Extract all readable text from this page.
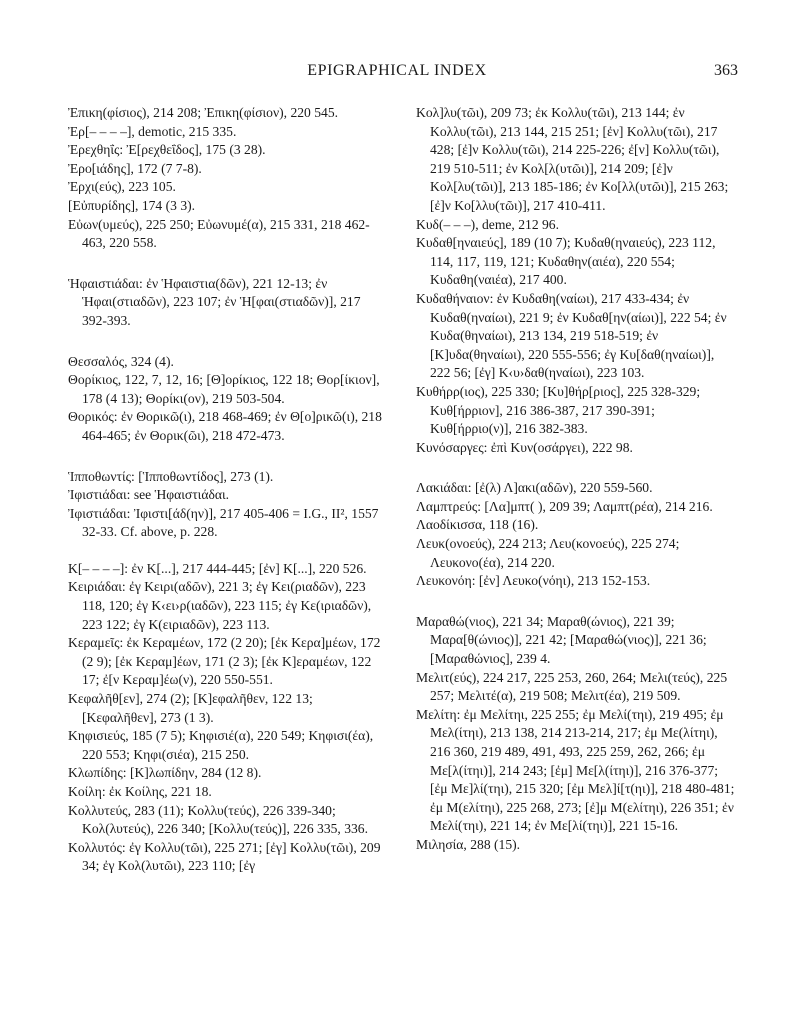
EPIGRAPHICAL INDEX	363
Ἐπικη(φίσιος), 214 208; Ἐπικη(φίσιον), 220 545.
Ἐρ[– – – –], demotic, 215 335.
Ἐρεχθηΐς: Ἐ[ρεχθεΐδος], 175 (3 28).
Ἐρο[ιάδης], 172 (7 7-8).
Ἐρχι(εύς), 223 105.
[Εὐπυρίδης], 174 (3 3).
Εὐων(υμεύς), 225 250; Εὐωνυμέ(α), 215 331, 218 462-463, 220 558.
Ἡφαιστιάδαι: ἐν Ἡφαιστια(δῶν), 221 12-13; ἐν Ἡφαι(στιαδῶν), 223 107; ἐν Ἡ[φαι(στιαδῶν)], 217 392-393.
Θεσσαλός, 324 (4).
Θορίκιος, 122, 7, 12, 16; [Θ]ορίκιος, 122 18; Θορ[ίκιον], 178 (4 13); Θορίκι(ον), 219 503-504.
Θορικός: ἐν Θορικῶ(ι), 218 468-469; ἐν Θ[ο]ρικῶ(ι), 218 464-465; ἐν Θορικ(ῶι), 218 472-473.
Ἱπποθωντίς: [Ἱπποθωντίδος], 273 (1).
Ἰφιστιάδαι: see Ἡφαιστιάδαι.
Ἰφιστιάδαι: Ἰφιστι[άδ(ην)], 217 405-406 = I.G., II², 1557 32-33. Cf. above, p. 228.
Κ[– – – –]: ἐν Κ[...], 217 444-445; [ἐν] Κ[...], 220 526.
Κειριάδαι: ἐγ Κειρι(αδῶν), 221 3; ἐγ Κει(ριαδῶν), 223 118, 120; ἐγ Κ‹ει›ρ(ιαδῶν), 223 115; ἐγ Κε(ιριαδῶν), 223 122; ἐγ Κ(ειριαδῶν), 223 113.
Κεραμεῖς: ἐκ Κεραμέων, 172 (2 20); [ἐκ Κερα]μέων, 172 (2 9); [ἐκ Κεραμ]έων, 171 (2 3); [ἐκ Κ]εραμέων, 122 17; ἐ[ν Κεραμ]έω(ν), 220 550-551.
Κεφαλῆθ[εν], 274 (2); [Κ]εφαλῆθεν, 122 13; [Κεφαλῆθεν], 273 (1 3).
Κηφισιεύς, 185 (7 5); Κηφισιέ(α), 220 549; Κηφισι(έα), 220 553; Κηφι(σιέα), 215 250.
Κλωπίδης: [Κ]λωπίδην, 284 (12 8).
Κοίλη: ἐκ Κοίλης, 221 18.
Κολλυτεύς, 283 (11); Κολλυ(τεύς), 226 339-340; Κολ(λυτεύς), 226 340; [Κολλυ(τεύς)], 226 335, 336.
Κολλυτός: ἐγ Κολλυ(τῶι), 225 271; [ἐγ] Κολλυ(τῶι), 209 34; ἐγ Κολ(λυτῶι), 223 110; [ἐγ
Κολ]λυ(τῶι), 209 73; ἐκ Κολλυ(τῶι), 213 144; ἐν Κολλυ(τῶι), 213 144, 215 251; [ἐν] Κολλυ(τῶι), 217 428; [ἐ]ν Κολλυ(τῶι), 214 225-226; ἐ[ν] Κολλυ(τῶι), 219 510-511; ἐν Κολ[λ(υτῶι)], 214 209; [ἐ]ν Κολ[λυ(τῶι)], 213 185-186; ἐν Κο[λλ(υτῶι)], 215 263; [ἐ]ν Κο[λλυ(τῶι)], 217 410-411.
Κυδ(– – –), deme, 212 96.
Κυδαθ[ηναιεύς], 189 (10 7); Κυδαθ(ηναιεύς), 223 112, 114, 117, 119, 121; Κυδαθην(αιέα), 220 554; Κυδαθη(ναιέα), 217 400.
Κυδαθήναιον: ἐν Κυδαθη(ναίωι), 217 433-434; ἐν Κυδαθ(ηναίωι), 221 9; ἐν Κυδαθ[ην(αίωι)], 222 54; ἐν Κυδα(θηναίωι), 213 134, 219 518-519; ἐν [Κ]υδα(θηναίωι), 220 555-556; ἐγ Κυ[δαθ(ηναίωι)], 222 56; [ἐγ] Κ‹υ›δαθ(ηναίωι), 223 103.
Κυθήρρ(ιος), 225 330; [Κυ]θήρ[ριος], 225 328-329; Κυθ[ήρριον], 216 386-387, 217 390-391; Κυθ[ήρριο(ν)], 216 382-383.
Κυνόσαργες: ἐπὶ Κυν(οσάργει), 222 98.
Λακιάδαι: [ἐ(λ) Λ]ακι(αδῶν), 220 559-560.
Λαμπτρεύς: [Λα]μπτ( ), 209 39; Λαμπτ(ρέα), 214 216.
Λαοδίκισσα, 118 (16).
Λευκ(ονοεύς), 224 213; Λευ(κονοεύς), 225 274; Λευκονο(έα), 214 220.
Λευκονόη: [ἐν] Λευκο(νόηι), 213 152-153.
Μαραθώ(νιος), 221 34; Μαραθ(ώνιος), 221 39; Μαρα[θ(ώνιος)], 221 42; [Μαραθώ(νιος)], 221 36; [Μαραθώνιος], 239 4.
Μελιτ(εύς), 224 217, 225 253, 260, 264; Μελι(τεύς), 225 257; Μελιτέ(α), 219 508; Μελιτ(έα), 219 509.
Μελίτη: ἐμ Μελίτηι, 225 255; ἐμ Μελί(τηι), 219 495; ἐμ Μελ(ίτηι), 213 138, 214 213-214, 217; ἐμ Με(λίτηι), 216 360, 219 489, 491, 493, 225 259, 262, 266; ἐμ Με[λ(ίτηι)], 214 243; [ἐμ] Με[λ(ίτηι)], 216 376-377; [ἐμ Με]λί(τηι), 215 320; [ἐμ Μελ]ί[τ(ηι)], 218 480-481; ἐμ Μ(ελίτηι), 225 268, 273; [ἐ]μ Μ(ελίτηι), 226 351; ἐν Μελί(τηι), 221 14; ἐν Με[λί(τηι)], 221 15-16.
Μιλησία, 288 (15).
